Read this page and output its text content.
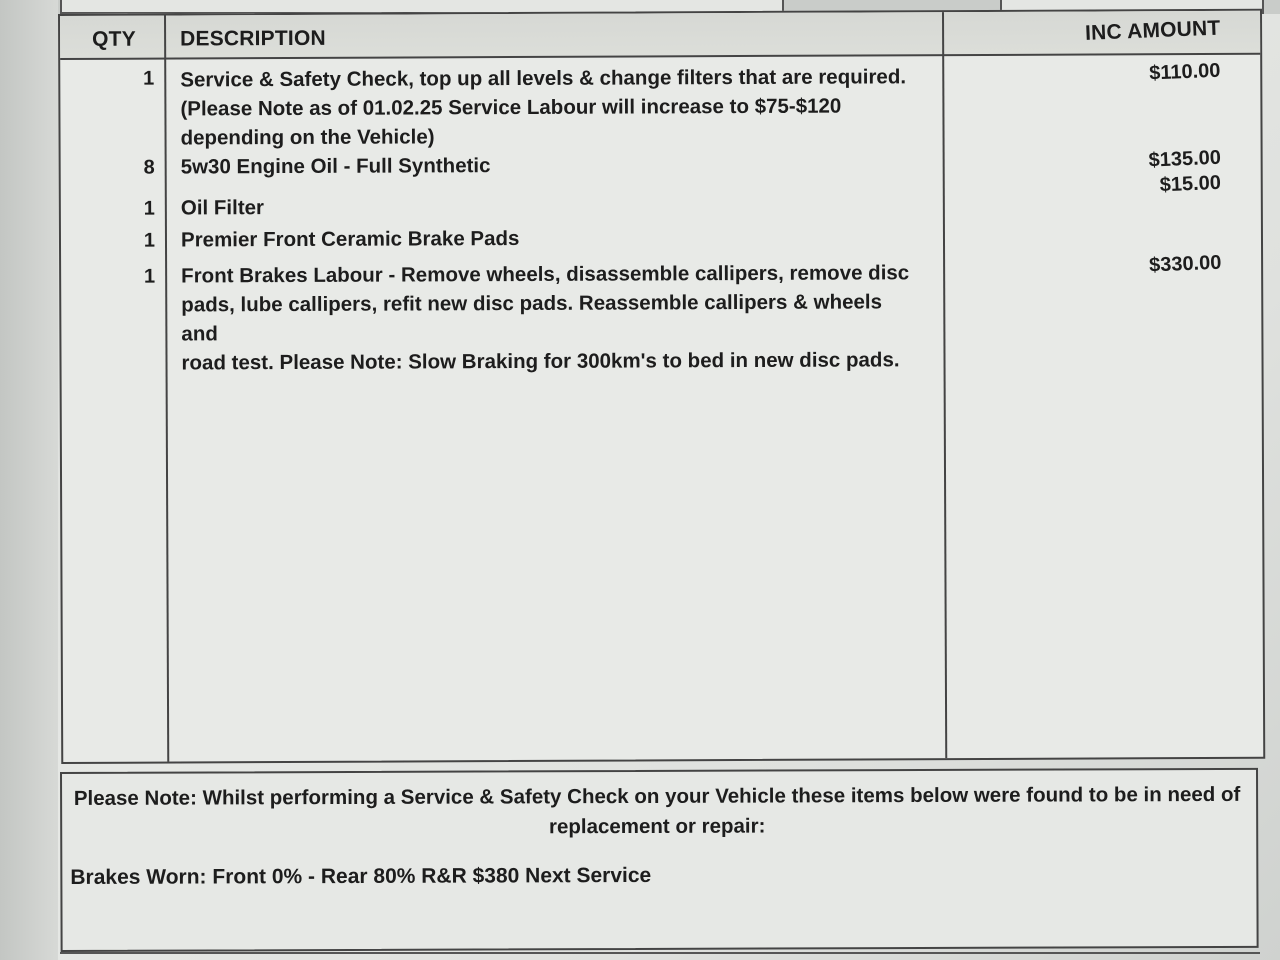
QTY DESCRIPTION	INC AMOUNT
1 Service & Safety Check, top up all levels & change filters that are required.
(Please Note as of 01.02.25 Service Labour will increase to $75-$120
depending on the Vehicle)
$110.00
8 5w30 Engine Oil - Full Synthetic	$135.00
1 Oil Filter
$15.00
1 Premier Front Ceramic Brake Pads
1 Front Brakes Labour - Remove wheels, disassemble callipers, remove disc
pads, lube callipers, refit new disc pads. Reassemble callipers & wheels and
road test. Please Note: Slow Braking for 300km's to bed in new disc pads.
$330.00
Please Note: Whilst performing a Service & Safety Check on your Vehicle these items below were found to be in need of replacement or repair:
Brakes Worn: Front 0% - Rear 80% R&R $380 Next Service
